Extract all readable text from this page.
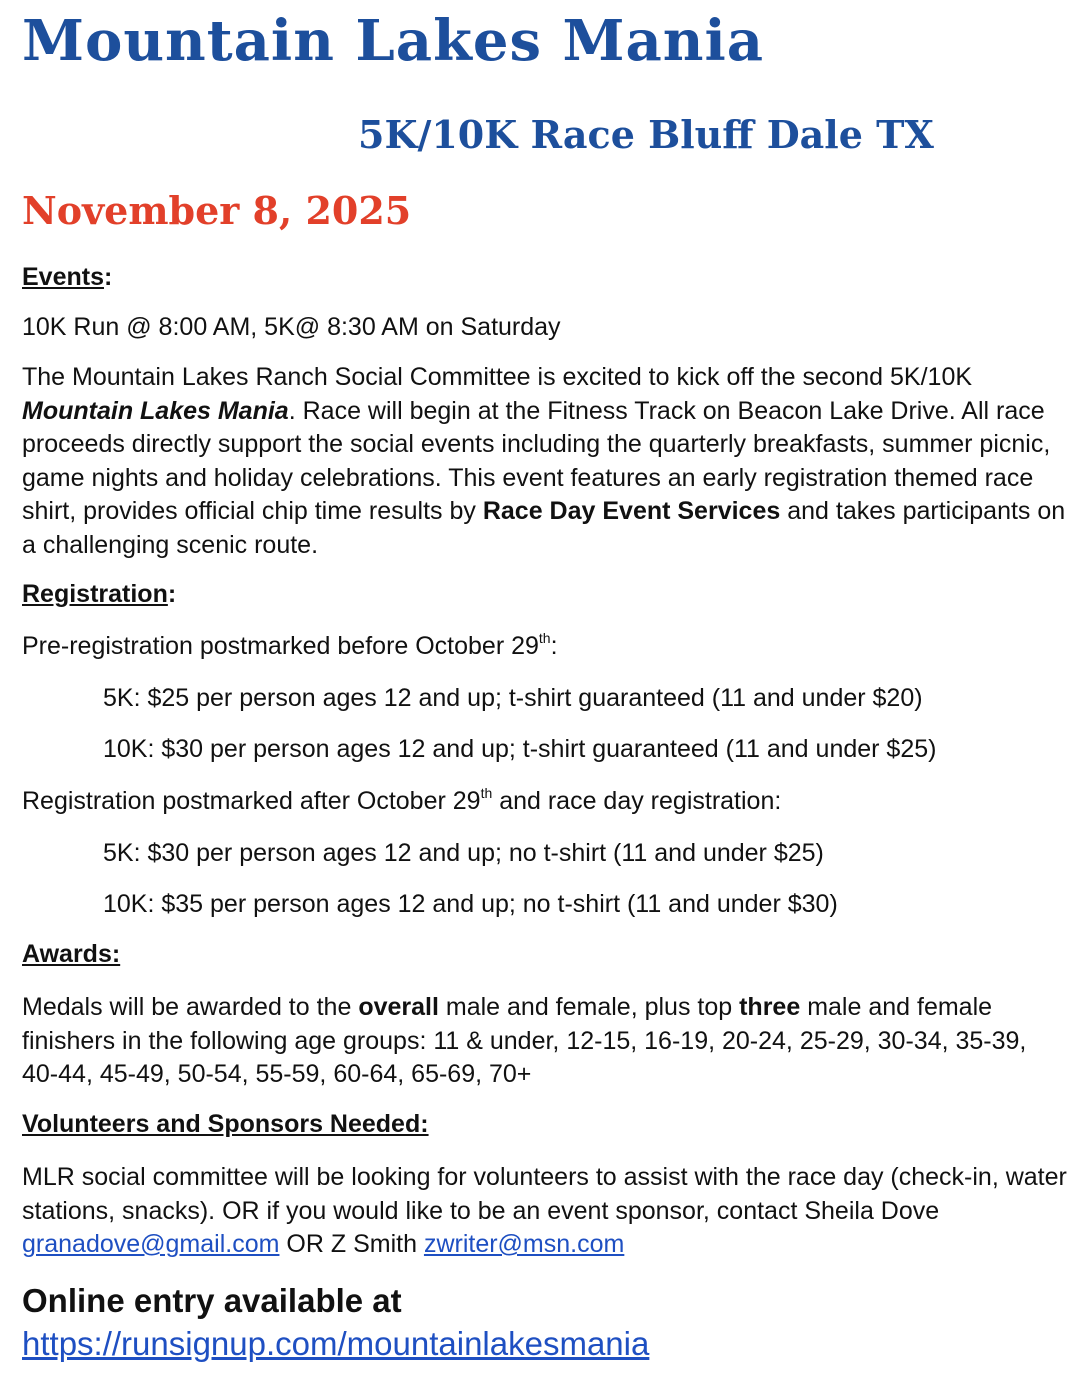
Mountain Lakes Mania
5K/10K Race Bluff Dale TX
November 8, 2025
Events:
10K Run @ 8:00 AM, 5K@ 8:30 AM on Saturday
The Mountain Lakes Ranch Social Committee is excited to kick off the second 5K/10K Mountain Lakes Mania. Race will begin at the Fitness Track on Beacon Lake Drive. All race proceeds directly support the social events including the quarterly breakfasts, summer picnic, game nights and holiday celebrations. This event features an early registration themed race shirt, provides official chip time results by Race Day Event Services and takes participants on a challenging scenic route.
Registration:
Pre-registration postmarked before October 29th:
5K: $25 per person ages 12 and up; t-shirt guaranteed (11 and under $20)
10K: $30 per person ages 12 and up; t-shirt guaranteed (11 and under $25)
Registration postmarked after October 29th and race day registration:
5K: $30 per person ages 12 and up; no t-shirt (11 and under $25)
10K: $35 per person ages 12 and up; no t-shirt (11 and under $30)
Awards:
Medals will be awarded to the overall male and female, plus top three male and female finishers in the following age groups: 11 & under, 12-15, 16-19, 20-24, 25-29, 30-34, 35-39, 40-44, 45-49, 50-54, 55-59, 60-64, 65-69, 70+
Volunteers and Sponsors Needed:
MLR social committee will be looking for volunteers to assist with the race day (check-in, water stations, snacks). OR if you would like to be an event sponsor, contact Sheila Dove granadove@gmail.com OR Z Smith zwriter@msn.com
Online entry available at
https://runsignup.com/mountainlakesmania
